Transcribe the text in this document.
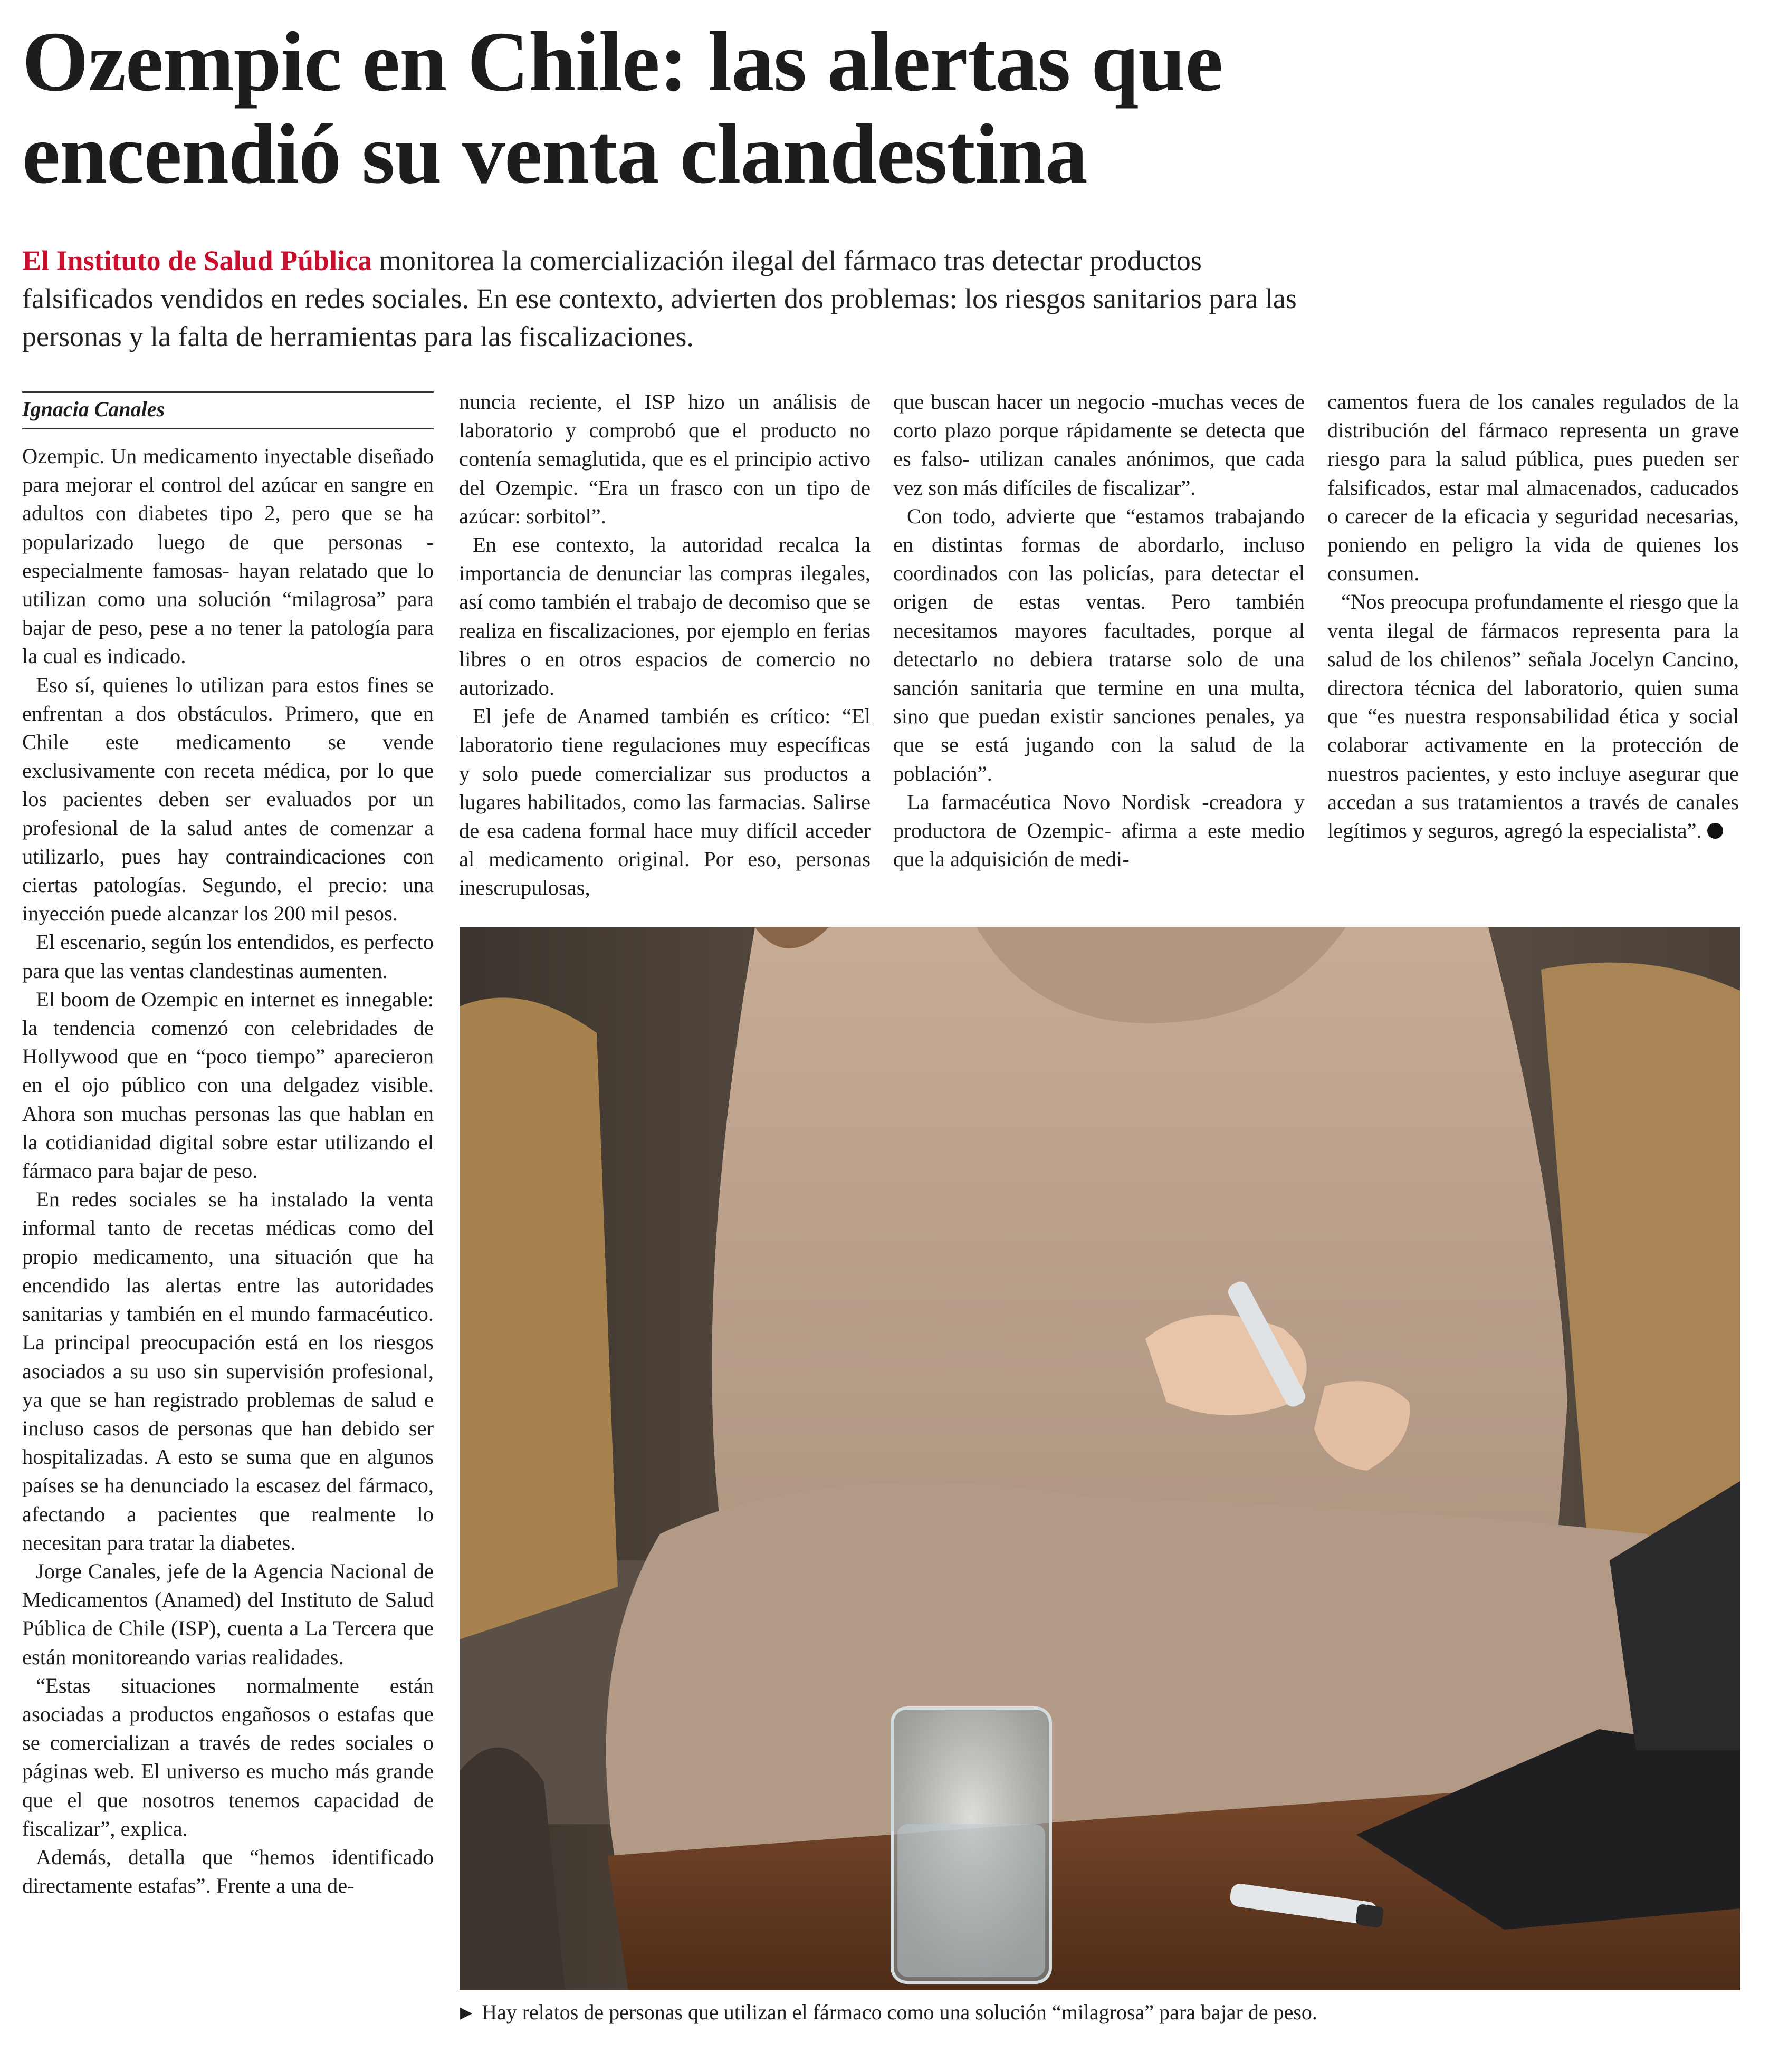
Ozempic en Chile: las alertas que
encendió su venta clandestina
El Instituto de Salud Pública monitorea la comercialización ilegal del fármaco tras detectar productos falsificados vendidos en redes sociales. En ese contexto, advierten dos problemas: los riesgos sanitarios para las personas y la falta de herramientas para las fiscalizaciones.
Ignacia Canales

Ozempic. Un medicamento inyectable diseñado para mejorar el control del azúcar en sangre en adultos con diabetes tipo 2, pero que se ha popularizado luego de que personas -especialmente famosas- hayan relatado que lo utilizan como una solución “milagrosa” para bajar de peso, pese a no tener la patología para la cual es indicado.

Eso sí, quienes lo utilizan para estos fines se enfrentan a dos obstáculos. Primero, que en Chile este medicamento se vende exclusivamente con receta médica, por lo que los pacientes deben ser evaluados por un profesional de la salud antes de comenzar a utilizarlo, pues hay contraindicaciones con ciertas patologías. Segundo, el precio: una inyección puede alcanzar los 200 mil pesos.

El escenario, según los entendidos, es perfecto para que las ventas clandestinas aumenten.

El boom de Ozempic en internet es innegable: la tendencia comenzó con celebridades de Hollywood que en “poco tiempo” aparecieron en el ojo público con una delgadez visible. Ahora son muchas personas las que hablan en la cotidianidad digital sobre estar utilizando el fármaco para bajar de peso.

En redes sociales se ha instalado la venta informal tanto de recetas médicas como del propio medicamento, una situación que ha encendido las alertas entre las autoridades sanitarias y también en el mundo farmacéutico. La principal preocupación está en los riesgos asociados a su uso sin supervisión profesional, ya que se han registrado problemas de salud e incluso casos de personas que han debido ser hospitalizadas. A esto se suma que en algunos países se ha denunciado la escasez del fármaco, afectando a pacientes que realmente lo necesitan para tratar la diabetes.

Jorge Canales, jefe de la Agencia Nacional de Medicamentos (Anamed) del Instituto de Salud Pública de Chile (ISP), cuenta a La Tercera que están monitoreando varias realidades.

“Estas situaciones normalmente están asociadas a productos engañosos o estafas que se comercializan a través de redes sociales o páginas web. El universo es mucho más grande que el que nosotros tenemos capacidad de fiscalizar”, explica.

Además, detalla que “hemos identificado directamente estafas”. Frente a una de-

nuncia reciente, el ISP hizo un análisis de laboratorio y comprobó que el producto no contenía semaglutida, que es el principio activo del Ozempic. “Era un frasco con un tipo de azúcar: sorbitol”.

En ese contexto, la autoridad recalca la importancia de denunciar las compras ilegales, así como también el trabajo de decomiso que se realiza en fiscalizaciones, por ejemplo en ferias libres o en otros espacios de comercio no autorizado.

El jefe de Anamed también es crítico: “El laboratorio tiene regulaciones muy específicas y solo puede comercializar sus productos a lugares habilitados, como las farmacias. Salirse de esa cadena formal hace muy difícil acceder al medicamento original. Por eso, personas inescrupulosas,

que buscan hacer un negocio -muchas veces de corto plazo porque rápidamente se detecta que es falso- utilizan canales anónimos, que cada vez son más difíciles de fiscalizar”.

Con todo, advierte que “estamos trabajando en distintas formas de abordarlo, incluso coordinados con las policías, para detectar el origen de estas ventas. Pero también necesitamos mayores facultades, porque al detectarlo no debiera tratarse solo de una sanción sanitaria que termine en una multa, sino que puedan existir sanciones penales, ya que se está jugando con la salud de la población”.

La farmacéutica Novo Nordisk -creadora y productora de Ozempic- afirma a este medio que la adquisición de medi-

camentos fuera de los canales regulados de la distribución del fármaco representa un grave riesgo para la salud pública, pues pueden ser falsificados, estar mal almacenados, caducados o carecer de la eficacia y seguridad necesarias, poniendo en peligro la vida de quienes los consumen.

“Nos preocupa profundamente el riesgo que la venta ilegal de fármacos representa para la salud de los chilenos” señala Jocelyn Cancino, directora técnica del laboratorio, quien suma que “es nuestra responsabilidad ética y social colaborar activamente en la protección de nuestros pacientes, y esto incluye asegurar que accedan a sus tratamientos a través de canales legítimos y seguros, agregó la especialista”.

▶ Hay relatos de personas que utilizan el fármaco como una solución “milagrosa” para bajar de peso.
